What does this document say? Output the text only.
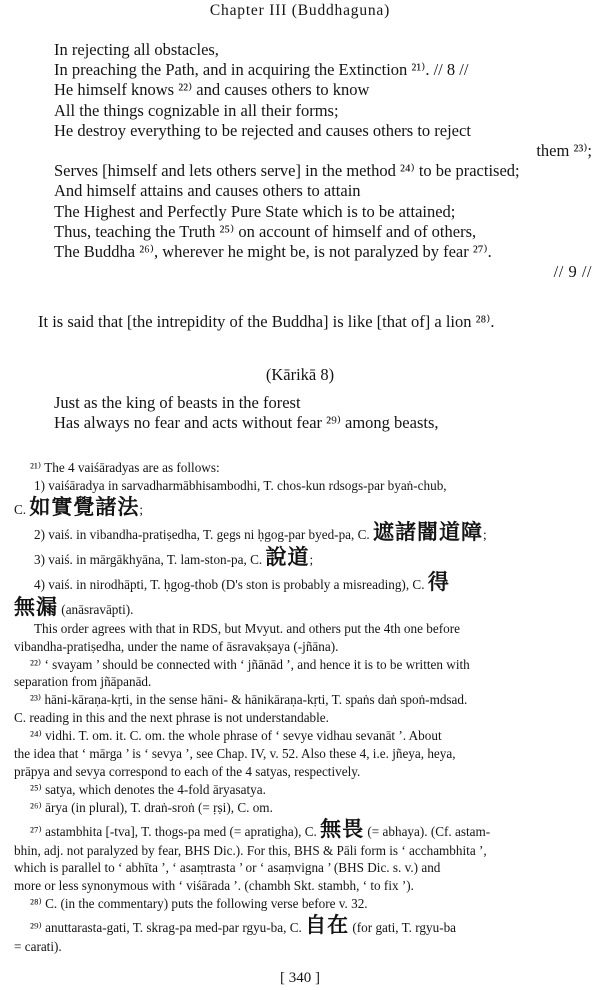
Chapter III (Buddhaguna)
In rejecting all obstacles,
In preaching the Path, and in acquiring the Extinction ²¹⁾. // 8 //
He himself knows ²²⁾ and causes others to know
All the things cognizable in all their forms;
He destroy everything to be rejected and causes others to reject
them ²³⁾;
Serves [himself and lets others serve] in the method ²⁴⁾ to be practised;
And himself attains and causes others to attain
The Highest and Perfectly Pure State which is to be attained;
Thus, teaching the Truth ²⁵⁾ on account of himself and of others,
The Buddha ²⁶⁾, wherever he might be, is not paralyzed by fear ²⁷⁾.
// 9 //
It is said that [the intrepidity of the Buddha] is like [that of] a lion ²⁸⁾.
(Kārikā 8)
Just as the king of beasts in the forest
Has always no fear and acts without fear ²⁹⁾ among beasts,
²¹⁾ The 4 vaiśāradyas are as follows:
1) vaiśāradya in sarvadharmābhisambodhi, T. chos-kun rdsogs-par byaṅ-chub,
C. 如實覺諸法;
2) vaiś. in vibandha-pratiṣedha, T. gegs ni ḥgog-par byed-pa, C. 遮諸闇道障;
3) vaiś. in mārgākhyāna, T. lam-ston-pa, C. 說道;
4) vaiś. in nirodhāpti, T. ḥgog-thob (D's ston is probably a misreading), C. 得
無漏 (anāsravāpti).
This order agrees with that in RDS, but Mvyut. and others put the 4th one before
vibandha-pratiṣedha, under the name of āsravakṣaya (-jñāna).
²²⁾ ‘ svayam ’ should be connected with ‘ jñānād ’, and hence it is to be written with
separation from jñāpanād.
²³⁾ hāni-kāraṇa-kṛti, in the sense hāni- & hānikāraṇa-kṛti, T. spaṅs daṅ spoṅ-mdsad.
C. reading in this and the next phrase is not understandable.
²⁴⁾ vidhi. T. om. it. C. om. the whole phrase of ‘ sevye vidhau sevanāt ’. About
the idea that ‘ mārga ’ is ‘ sevya ’, see Chap. IV, v. 52. Also these 4, i.e. jñeya, heya,
prāpya and sevya correspond to each of the 4 satyas, respectively.
²⁵⁾ satya, which denotes the 4-fold āryasatya.
²⁶⁾ ārya (in plural), T. draṅ-sroṅ (= ṛṣi), C. om.
²⁷⁾ astambhita [-tva], T. thogs-pa med (= apratigha), C. 無畏 (= abhaya). (Cf. astam-
bhin, adj. not paralyzed by fear, BHS Dic.). For this, BHS & Pāli form is ‘ acchambhita ’,
which is parallel to ‘ abhīta ’, ‘ asaṃtrasta ’ or ‘ asaṃvigna ’ (BHS Dic. s. v.) and
more or less synonymous with ‘ viśārada ’. (chambh Skt. stambh, ‘ to fix ’).
²⁸⁾ C. (in the commentary) puts the following verse before v. 32.
²⁹⁾ anuttarasta-gati, T. skrag-pa med-par rgyu-ba, C. 自在 (for gati, T. rgyu-ba
= carati).
[ 340 ]
